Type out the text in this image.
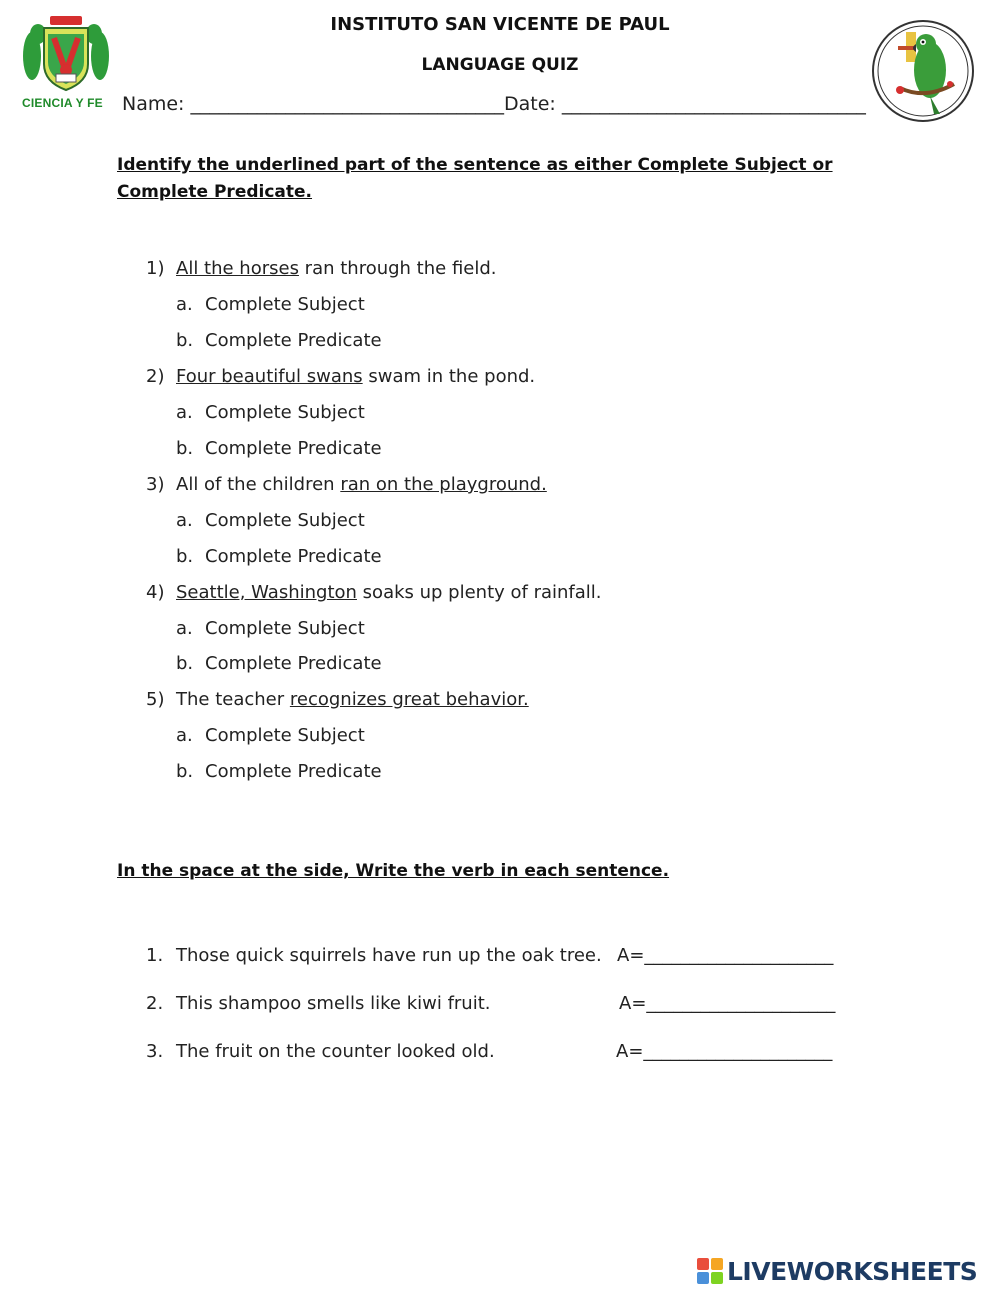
INSTITUTO SAN VICENTE DE PAUL
LANGUAGE QUIZ
CIENCIA Y FE Name: _________________________________Date: ________________________________
Identify the underlined part of the sentence as either Complete Subject or Complete Predicate.
1) All the horses ran through the field.
a. Complete Subject
b. Complete Predicate
2) Four beautiful swans swam in the pond.
a. Complete Subject
b. Complete Predicate
3) All of the children ran on the playground.
a. Complete Subject
b. Complete Predicate
4) Seattle, Washington soaks up plenty of rainfall.
a. Complete Subject
b. Complete Predicate
5) The teacher recognizes great behavior.
a. Complete Subject
b. Complete Predicate
In the space at the side, Write the verb in each sentence.
1. Those quick squirrels have run up the oak tree. A=_____________________
2. This shampoo smells like kiwi fruit.	A=_____________________
3. The fruit on the counter looked old.	A=_____________________
LIVEWORKSHEETS
